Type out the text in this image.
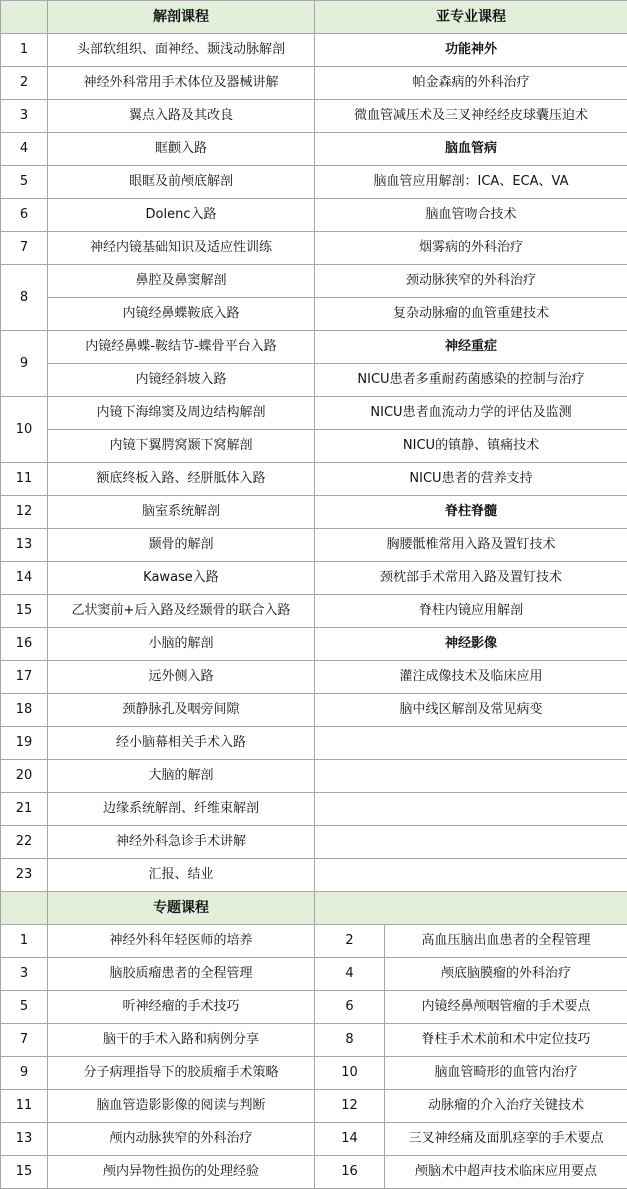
	解剖课程	亚专业课程	
1	头部软组织、面神经、颞浅动脉解剖	功能神外	
2	神经外科常用手术体位及器械讲解	帕金森病的外科治疗	
3	翼点入路及其改良	微血管减压术及三叉神经经皮球囊压迫术	
4	眶颧入路	脑血管病	
5	眼眶及前颅底解剖	脑血管应用解剖：ICA、ECA、VA	
6	Dolenc入路	脑血管吻合技术	
7	神经内镜基础知识及适应性训练	烟雾病的外科治疗	
8	鼻腔及鼻窦解剖	颈动脉狭窄的外科治疗	
	内镜经鼻蝶鞍底入路	复杂动脉瘤的血管重建技术	
9	内镜经鼻蝶-鞍结节-蝶骨平台入路	神经重症	
	内镜经斜坡入路	NICU患者多重耐药菌感染的控制与治疗	
10	内镜下海绵窦及周边结构解剖	NICU患者血流动力学的评估及监测	
	内镜下翼腭窝颞下窝解剖	NICU的镇静、镇痛技术	
11	额底终板入路、经胼胝体入路	NICU患者的营养支持	
12	脑室系统解剖	脊柱脊髓	
13	颞骨的解剖	胸腰骶椎常用入路及置钉技术	
14	Kawase入路	颈枕部手术常用入路及置钉技术	
15	乙状窦前+后入路及经颞骨的联合入路	脊柱内镜应用解剖	
16	小脑的解剖	神经影像	
17	远外侧入路	灌注成像技术及临床应用	
18	颈静脉孔及咽旁间隙	脑中线区解剖及常见病变	
19	经小脑幕相关手术入路		
20	大脑的解剖		
21	边缘系统解剖、纤维束解剖		
22	神经外科急诊手术讲解		
23	汇报、结业		
	专题课程		
1	神经外科年轻医师的培养	2	高血压脑出血患者的全程管理
3	脑胶质瘤患者的全程管理	4	颅底脑膜瘤的外科治疗
5	听神经瘤的手术技巧	6	内镜经鼻颅咽管瘤的手术要点
7	脑干的手术入路和病例分享	8	脊柱手术术前和术中定位技巧
9	分子病理指导下的胶质瘤手术策略	10	脑血管畸形的血管内治疗
11	脑血管造影影像的阅读与判断	12	动脉瘤的介入治疗关键技术
13	颅内动脉狭窄的外科治疗	14	三叉神经痛及面肌痉挛的手术要点
15	颅内异物性损伤的处理经验	16	颅脑术中超声技术临床应用要点
